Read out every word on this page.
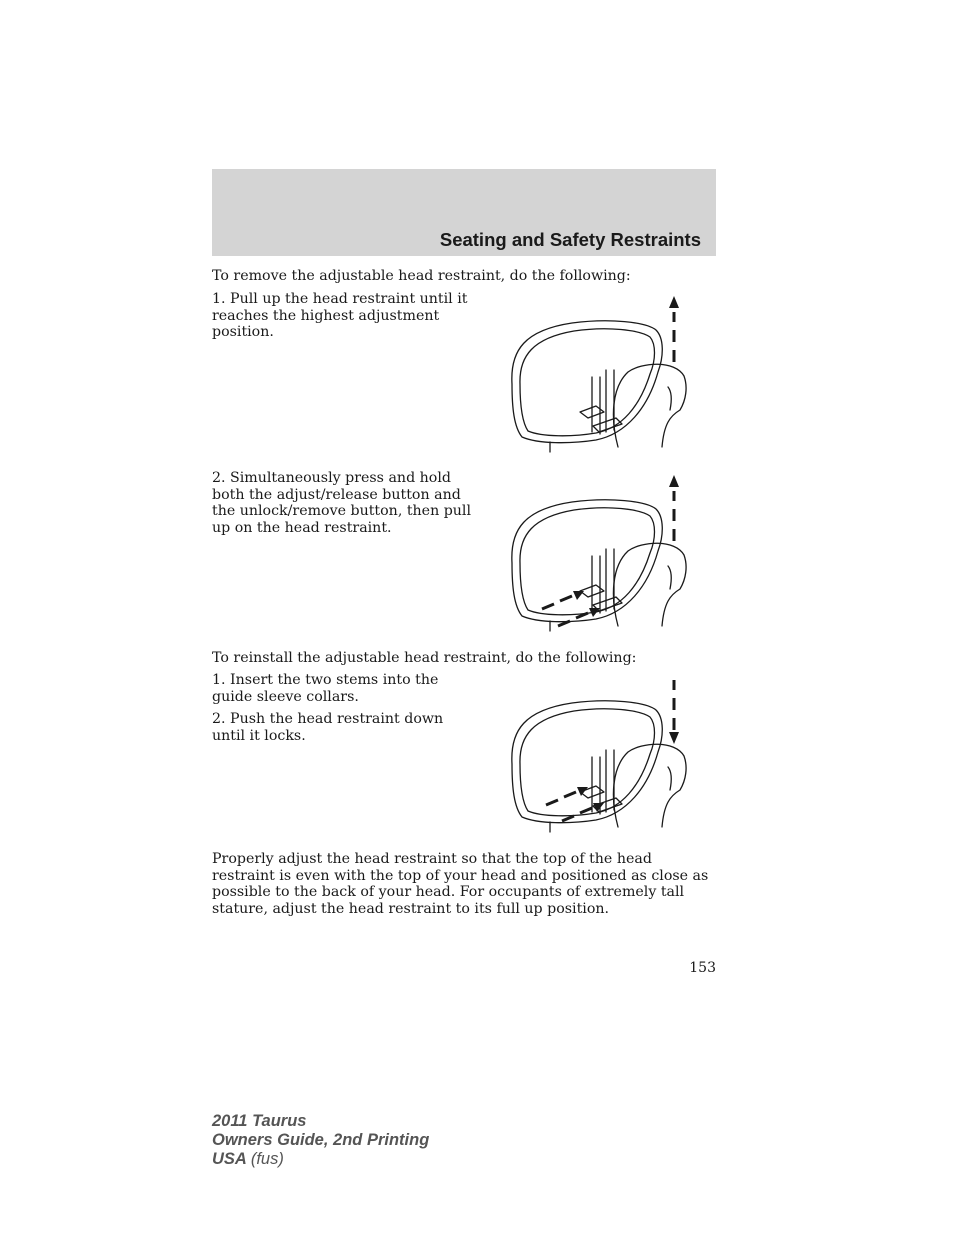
Seating and Safety Restraints

To remove the adjustable head restraint, do the following:

1. Pull up the head restraint until it reaches the highest adjustment position.

2. Simultaneously press and hold both the adjust/release button and the unlock/remove button, then pull up on the head restraint.

To reinstall the adjustable head restraint, do the following:

1. Insert the two stems into the guide sleeve collars.

2. Push the head restraint down until it locks.

Properly adjust the head restraint so that the top of the head restraint is even with the top of your head and positioned as close as possible to the back of your head. For occupants of extremely tall stature, adjust the head restraint to its full up position.

153
2011 Taurus
Owners Guide, 2nd Printing
USA (fus)
